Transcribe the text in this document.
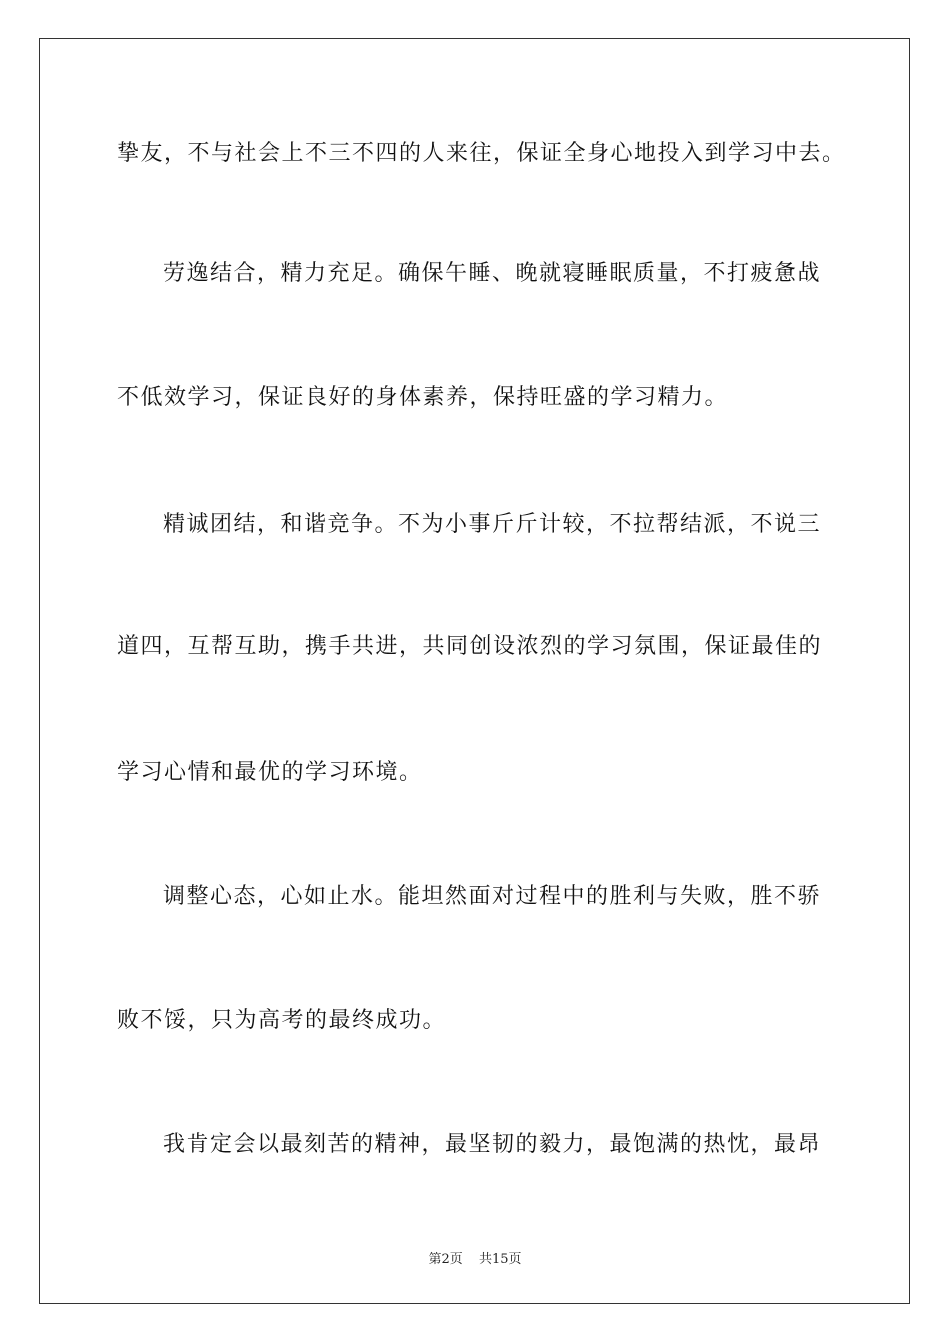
挚友，不与社会上不三不四的人来往，保证全身心地投入到学习中去。
劳逸结合，精力充足。确保午睡、晚就寝睡眠质量，不打疲惫战
不低效学习，保证良好的身体素养，保持旺盛的学习精力。
精诚团结，和谐竞争。不为小事斤斤计较，不拉帮结派，不说三
道四，互帮互助，携手共进，共同创设浓烈的学习氛围，保证最佳的
学习心情和最优的学习环境。
调整心态，心如止水。能坦然面对过程中的胜利与失败，胜不骄
败不馁，只为高考的最终成功。
我肯定会以最刻苦的精神，最坚韧的毅力，最饱满的热忱，最昂
第2页 共15页
